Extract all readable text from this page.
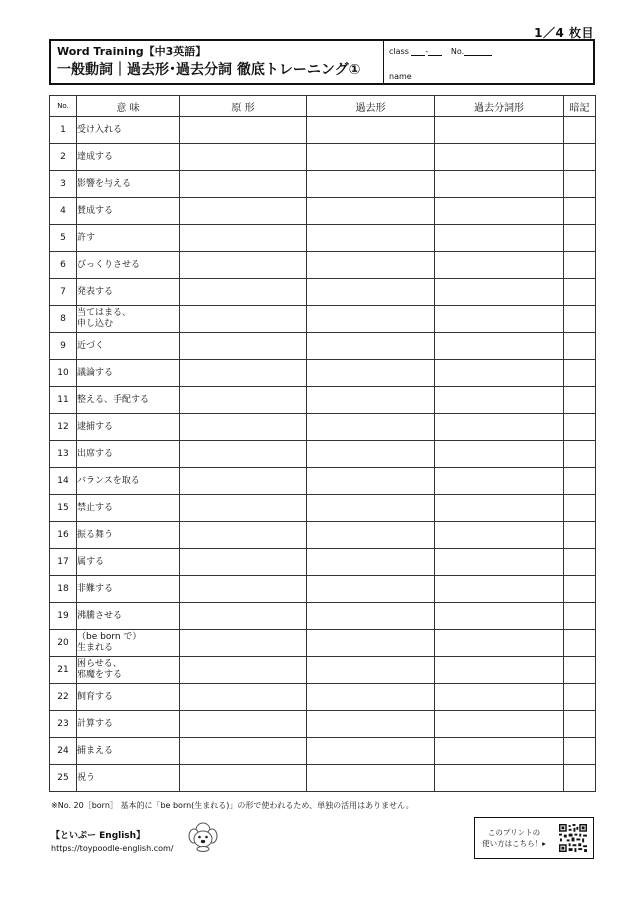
1／4 枚目
Word Training【中3英語】
一般動詞｜過去形･過去分詞 徹底トレーニング①
class -	No.
name
No.	意 味	原 形	過去形	過去分詞形	暗記
1	受け入れる				
2	達成する				
3	影響を与える				
4	賛成する				
5	許す				
6	びっくりさせる				
7	発表する				
8	当てはまる、
申し込む				
9	近づく				
10	議論する				
11	整える、手配する				
12	逮捕する				
13	出席する				
14	バランスを取る				
15	禁止する				
16	振る舞う				
17	属する				
18	非難する				
19	沸騰させる				
20	（be born で）
生まれる				
21	困らせる、
邪魔をする				
22	飼育する				
23	計算する				
24	捕まえる				
25	祝う				
※No. 20［born］ 基本的に「be born(生まれる)」の形で使われるため、単独の活用はありません。
【といぷー English】
https://toypoodle-english.com/
このプリントの
使い方はこちら！▸
